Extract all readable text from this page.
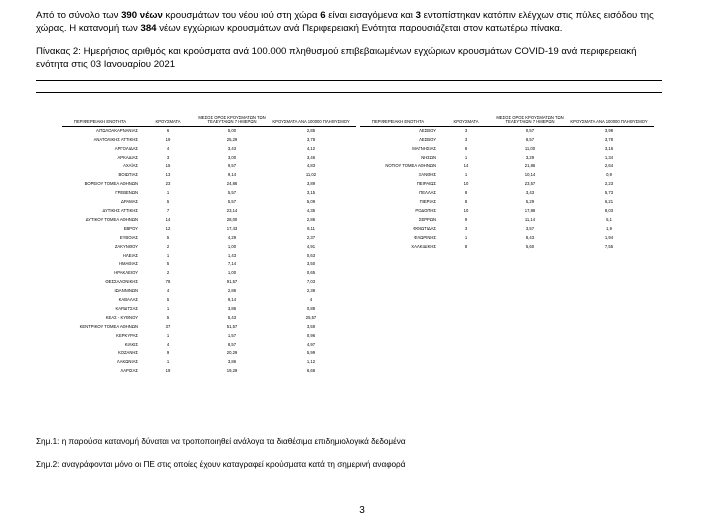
Από το σύνολο των 390 νέων κρουσμάτων του νέου ιού στη χώρα 6 είναι εισαγόμενα και 3 εντοπίστηκαν κατόπιν ελέγχων στις πύλες εισόδου της χώρας. Η κατανομή των 384 νέων εγχώριων κρουσμάτων ανά Περιφερειακή Ενότητα παρουσιάζεται στον κατωτέρω πίνακα.

Πίνακας 2: Ημερήσιος αριθμός και κρούσματα ανά 100.000 πληθυσμού επιβεβαιωμένων εγχώριων κρουσμάτων COVID-19 ανά περιφερειακή ενότητα στις 03 Ιανουαρίου 2021

ΠΕΡΙΦΕΡΕΙΑΚΗ ΕΝΟΤΗΤΑ	ΚΡΟΥΣΜΑΤΑ	ΜΕΣΟΣ ΟΡΟΣ ΚΡΟΥΣΜΑΤΩΝ ΤΩΝ ΤΕΛΕΥΤΑΙΩΝ 7 ΗΜΕΡΩΝ	ΚΡΟΥΣΜΑΤΑ ΑΝΑ 100000 ΠΛΗΘΥΣΜΟΥ
ΑΙΤΩΛΟΑΚΑΡΝΑΝΙΑΣ	6	5,00	2,85
ΑΝΑΤΟΛΙΚΗΣ ΑΤΤΙΚΗΣ	19	25,29	3,78
ΑΡΓΟΛΙΔΑΣ	4	3,43	4,12
ΑΡΚΑΔΙΑΣ	3	3,00	3,46
ΑΧΑΪΑΣ	15	9,57	4,83
ΒΟΙΩΤΙΑΣ	13	9,14	11,02
ΒΟΡΕΙΟΥ ΤΟΜΕΑ ΑΘΗΝΩΝ	23	24,86	3,89
ΓΡΕΒΕΝΩΝ	1	5,57	3,15
ΔΡΑΜΑΣ	5	5,57	5,09
ΔΥΤΙΚΗΣ ΑΤΤΙΚΗΣ	7	23,14	4,35
ΔΥΤΙΚΟΥ ΤΟΜΕΑ ΑΘΗΝΩΝ	14	28,00	2,86
ΕΒΡΟΥ	12	17,43	8,11
ΕΥΒΟΙΑΣ	5	4,29	2,37
ΖΑΚΥΝΘΟΥ	2	1,00	4,91
ΗΛΕΙΑΣ	1	1,43	0,63
ΗΜΑΘΙΑΣ	5	7,14	3,50
ΗΡΑΚΛΕΙΟΥ	2	1,00	0,65
ΘΕΣΣΑΛΟΝΙΚΗΣ	78	91,57	7,03
ΙΩΑΝΝΙΝΩΝ	4	2,86	2,38
ΚΑΒΑΛΑΣ	5	9,14	4
ΚΑΡΔΙΤΣΑΣ	1	3,86	0,88
ΚΕΑΣ - ΚΥΘΝΟΥ	5	5,43	25,57
ΚΕΝΤΡΙΚΟΥ ΤΟΜΕΑ ΑΘΗΝΩΝ	37	51,57	3,59
ΚΕΡΚΥΡΑΣ	1	1,57	0,96
ΚΙΛΚΙΣ	4	8,57	4,97
ΚΟΖΑΝΗΣ	9	20,29	5,99
ΛΑΚΩΝΙΑΣ	1	3,86	1,12
ΛΑΡΙΣΑΣ	19	19,29	6,68
ΠΕΡΙΦΕΡΕΙΑΚΗ ΕΝΟΤΗΤΑ	ΚΡΟΥΣΜΑΤΑ	ΜΕΣΟΣ ΟΡΟΣ ΚΡΟΥΣΜΑΤΩΝ ΤΩΝ ΤΕΛΕΥΤΑΙΩΝ 7 ΗΜΕΡΩΝ	ΚΡΟΥΣΜΑΤΑ ΑΝΑ 100000 ΠΛΗΘΥΣΜΟΥ
ΛΕΣΒΟΥ	3	0,57	3,98
ΛΕΣΒΟΥ	3	8,57	3,78
ΜΑΓΝΗΣΙΑΣ	6	11,00	3,16
ΝΗΣΩΝ	1	3,29	1,34
ΝΟΤΙΟΥ ΤΟΜΕΑ ΑΘΗΝΩΝ	14	21,86	2,64
ΞΑΝΘΗΣ	1	10,14	0,9
ΠΕΙΡΑΙΩΣ	10	23,57	2,23
ΠΕΛΛΑΣ	8	3,43	5,73
ΠΙΕΡΙΑΣ	8	5,29	6,21
ΡΟΔΟΠΗΣ	10	17,86	8,03
ΣΕΡΡΩΝ	9	11,14	5,1
ΦΘΙΩΤΙΔΑΣ	3	3,57	1,9
ΦΛΩΡΙΝΗΣ	1	8,43	1,94
ΧΑΛΚΙΔΙΚΗΣ	8	5,60	7,55

Σημ.1: η παρούσα κατανομή δύναται να τροποποιηθεί ανάλογα τα διαθέσιμα επιδημιολογικά δεδομένα

Σημ.2: αναγράφονται μόνο οι ΠΕ στις οποίες έχουν καταγραφεί κρούσματα κατά τη σημερινή αναφορά

3
